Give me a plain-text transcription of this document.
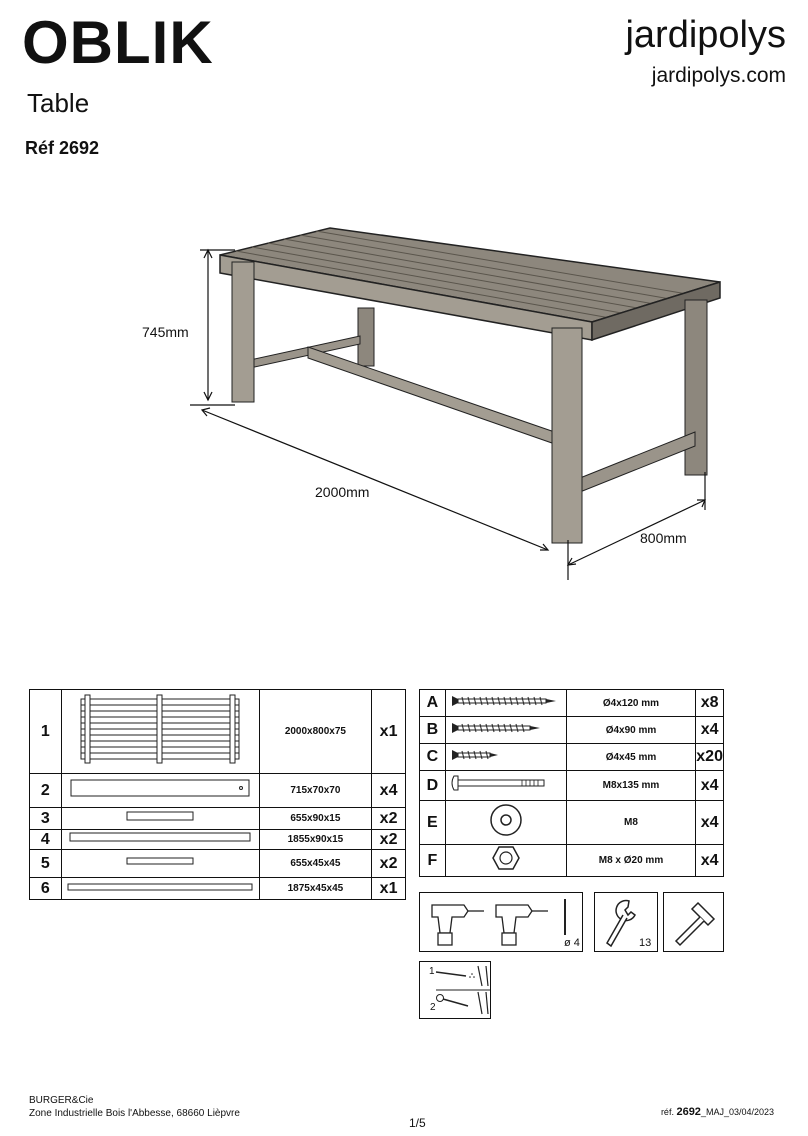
OBLIK
Table
Réf 2692
jardipolys
jardipolys.com
745mm
2000mm
800mm
1		2000x800x75	x1
2		715x70x70	x4
3		655x90x15	x2
4		1855x90x15	x2
5		655x45x45	x2
6		1875x45x45	x1
A		Ø4x120 mm	x8
B		Ø4x90 mm	x4
C		Ø4x45 mm	x20
D		M8x135 mm	x4
E		M8	x4
F		M8 x Ø20 mm	x4
ø 4	13
1
2
BURGER&Cie
Zone Industrielle Bois l'Abbesse, 68660 Lièpvre	réf. 2692_MAJ_03/04/2023
1/5
